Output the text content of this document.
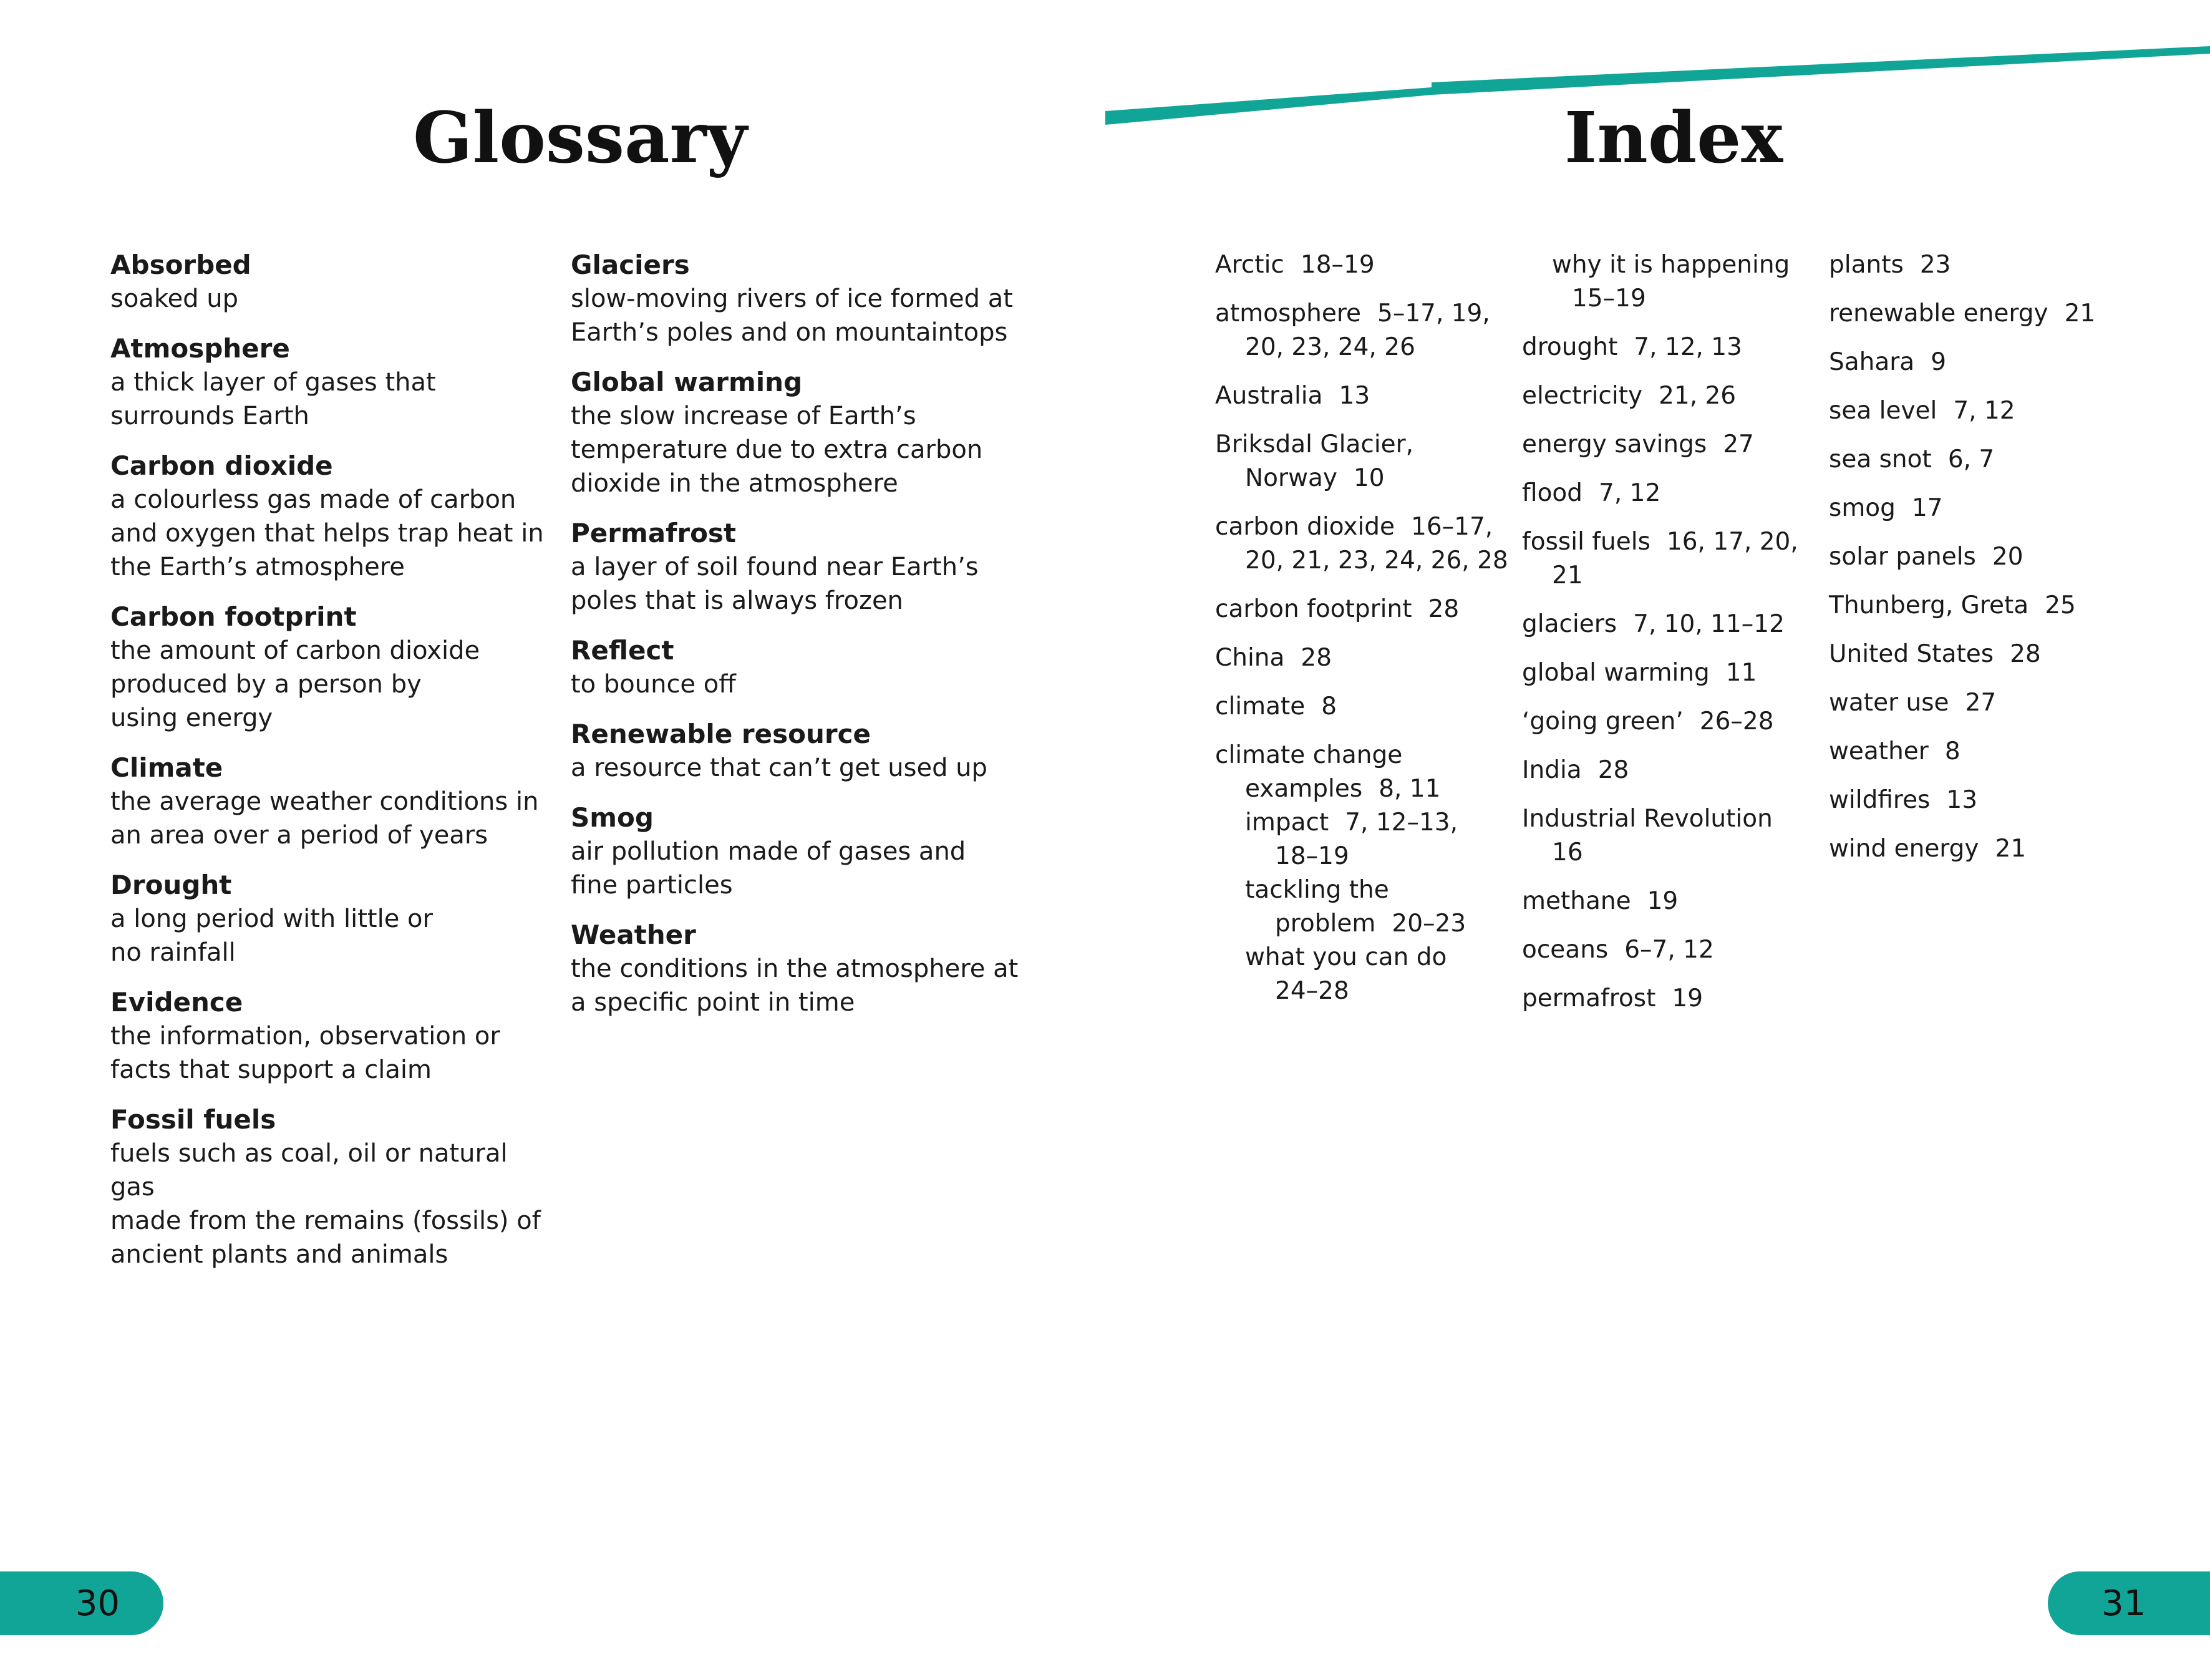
Glossary	Index
Absorbed
soaked up
Atmosphere
a thick layer of gases that
surrounds Earth
Carbon dioxide
a colourless gas made of carbon
and oxygen that helps trap heat in
the Earth’s atmosphere
Carbon footprint
the amount of carbon dioxide
produced by a person by
using energy
Climate
the average weather conditions in
an area over a period of years
Drought
a long period with little or
no rainfall
Evidence
the information, observation or
facts that support a claim
Fossil fuels
fuels such as coal, oil or natural gas
made from the remains (fossils) of
ancient plants and animals
Glaciers
slow-moving rivers of ice formed at
Earth’s poles and on mountaintops
Global warming
the slow increase of Earth’s
temperature due to extra carbon
dioxide in the atmosphere
Permafrost
a layer of soil found near Earth’s
poles that is always frozen
Reflect
to bounce off
Renewable resource
a resource that can’t get used up
Smog
air pollution made of gases and
fine particles
Weather
the conditions in the atmosphere at
a specific point in time
Arctic 18–19
atmosphere 5–17, 19,
20, 23, 24, 26
Australia 13
Briksdal Glacier,
Norway 10
carbon dioxide 16–17,
20, 21, 23, 24, 26, 28
carbon footprint 28
China 28
climate 8
climate change
examples 8, 11
impact 7, 12–13,
18–19
tackling the
problem 20–23
what you can do
24–28
why it is happening
15–19
drought 7, 12, 13
electricity 21, 26
energy savings 27
flood 7, 12
fossil fuels 16, 17, 20,
21
glaciers 7, 10, 11–12
global warming 11
‘going green’ 26–28
India 28
Industrial Revolution
16
methane 19
oceans 6–7, 12
permafrost 19
plants 23
renewable energy 21
Sahara 9
sea level 7, 12
sea snot 6, 7
smog 17
solar panels 20
Thunberg, Greta 25
United States 28
water use 27
weather 8
wildfires 13
wind energy 21
30	31
